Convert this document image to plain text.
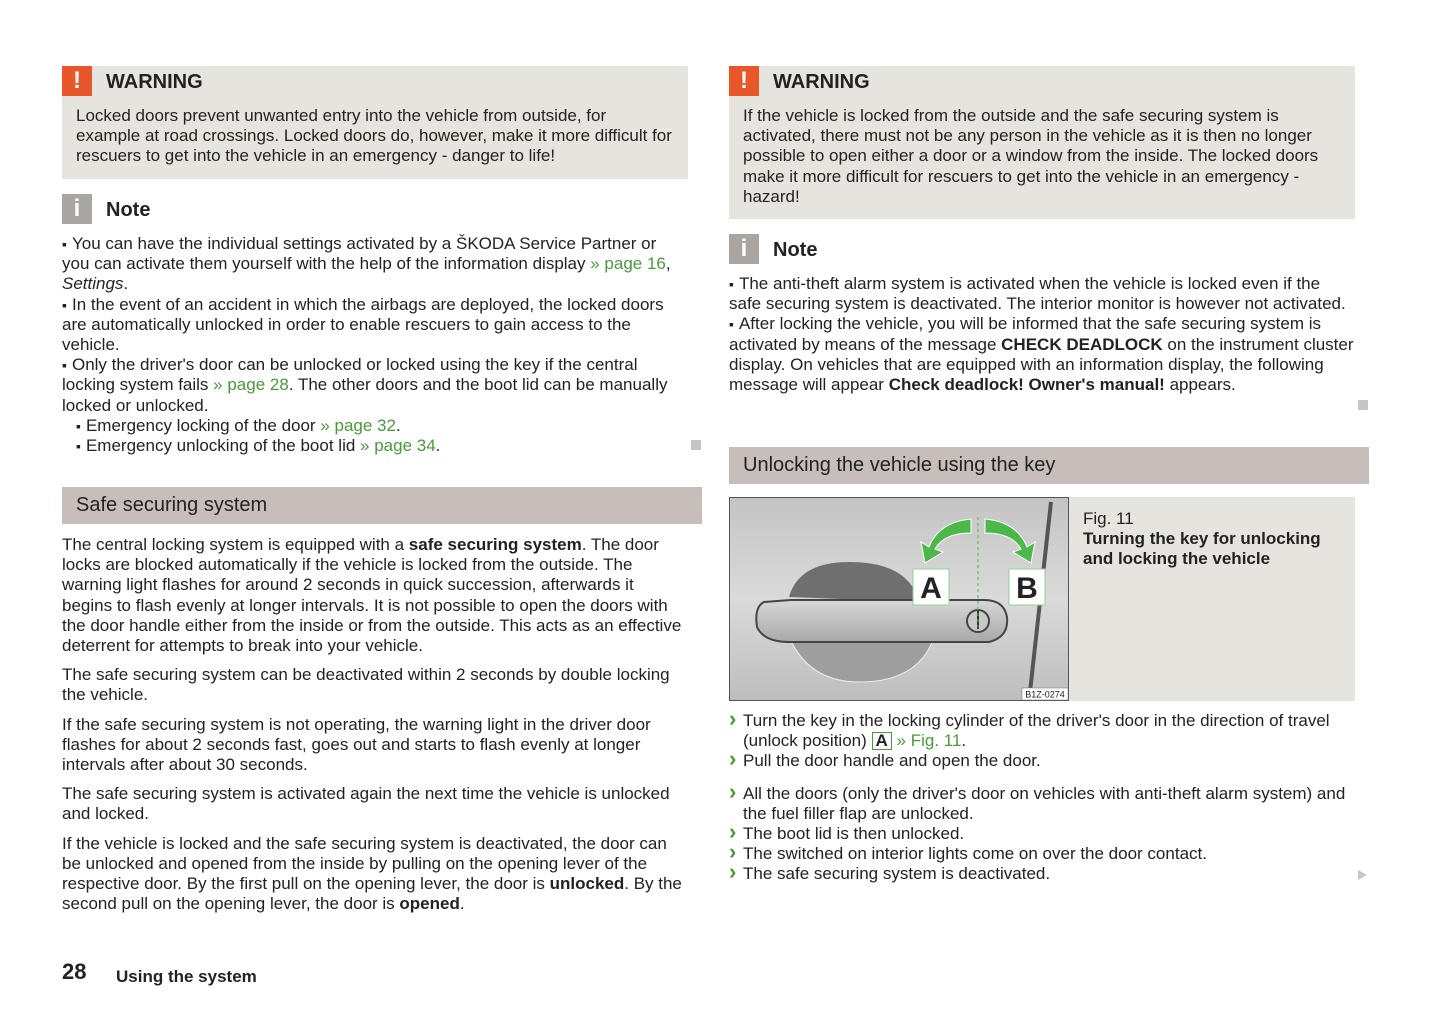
!	WARNING

Locked doors prevent unwanted entry into the vehicle from outside, for example at road crossings. Locked doors do, however, make it more difficult for rescuers to get into the vehicle in an emergency - danger to life!

i	Note

▪ You can have the individual settings activated by a ŠKODA Service Partner or you can activate them yourself with the help of the information display » page 16, Settings.

▪ In the event of an accident in which the airbags are deployed, the locked doors are automatically unlocked in order to enable rescuers to gain access to the vehicle.

▪ Only the driver's door can be unlocked or locked using the key if the central locking system fails » page 28. The other doors and the boot lid can be manually locked or unlocked.

▪ Emergency locking of the door » page 32.

▪ Emergency unlocking of the boot lid » page 34.

Safe securing system

The central locking system is equipped with a safe securing system. The door locks are blocked automatically if the vehicle is locked from the outside. The warning light flashes for around 2 seconds in quick succession, afterwards it begins to flash evenly at longer intervals. It is not possible to open the doors with the door handle either from the inside or from the outside. This acts as an effective deterrent for attempts to break into your vehicle.

The safe securing system can be deactivated within 2 seconds by double locking the vehicle.

If the safe securing system is not operating, the warning light in the driver door flashes for about 2 seconds fast, goes out and starts to flash evenly at longer intervals after about 30 seconds.

The safe securing system is activated again the next time the vehicle is unlocked and locked.

If the vehicle is locked and the safe securing system is deactivated, the door can be unlocked and opened from the inside by pulling on the opening lever of the respective door. By the first pull on the opening lever, the door is unlocked. By the second pull on the opening lever, the door is opened.

28 Using the system
!	WARNING

If the vehicle is locked from the outside and the safe securing system is activated, there must not be any person in the vehicle as it is then no longer possible to open either a door or a window from the inside. The locked doors make it more difficult for rescuers to get into the vehicle in an emergency - hazard!

i	Note

▪ The anti-theft alarm system is activated when the vehicle is locked even if the safe securing system is deactivated. The interior monitor is however not activated.

▪ After locking the vehicle, you will be informed that the safe securing system is activated by means of the message CHECK DEADLOCK on the instrument cluster display. On vehicles that are equipped with an information display, the following message will appear Check deadlock! Owner's manual! appears.

Unlocking the vehicle using the key
A B
B1Z-0274
Fig. 11
Turning the key for unlocking and locking the vehicle

› Turn the key in the locking cylinder of the driver's door in the direction of travel (unlock position) A » Fig. 11.

› Pull the door handle and open the door.

› All the doors (only the driver's door on vehicles with anti-theft alarm system) and the fuel filler flap are unlocked.

› The boot lid is then unlocked.

› The switched on interior lights come on over the door contact.

› The safe securing system is deactivated.
